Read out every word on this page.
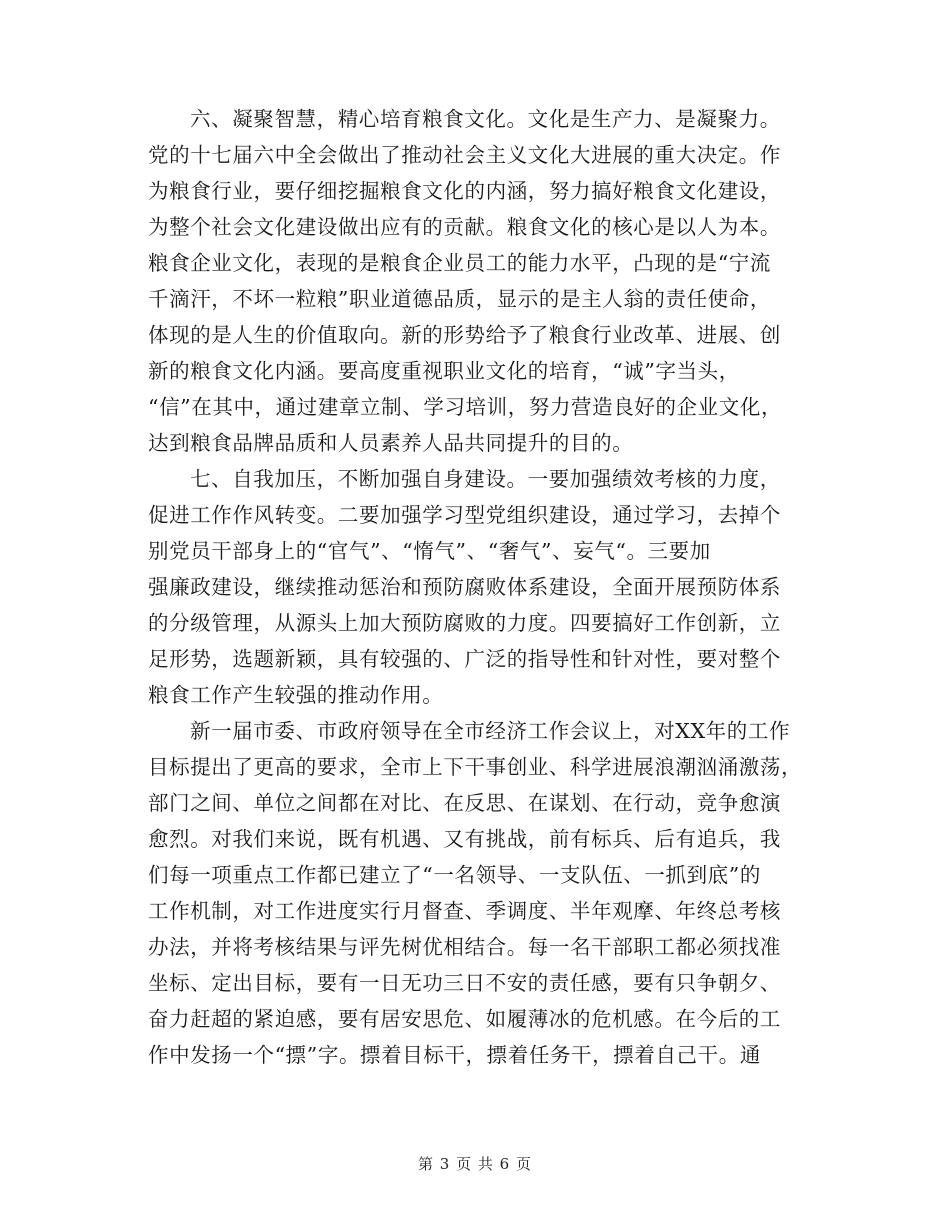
六、凝聚智慧，精心培育粮食文化。文化是生产力、是凝聚力。
党的十七届六中全会做出了推动社会主义文化大进展的重大决定。作
为粮食行业，要仔细挖掘粮食文化的内涵，努力搞好粮食文化建设，
为整个社会文化建设做出应有的贡献。粮食文化的核心是以人为本。
粮食企业文化，表现的是粮食企业员工的能力水平，凸现的是“宁流
千滴汗，不坏一粒粮”职业道德品质，显示的是主人翁的责任使命，
体现的是人生的价值取向。新的形势给予了粮食行业改革、进展、创
新的粮食文化内涵。要高度重视职业文化的培育，“诚”字当头，
“信”在其中，通过建章立制、学习培训，努力营造良好的企业文化，
达到粮食品牌品质和人员素养人品共同提升的目的。
七、自我加压，不断加强自身建设。一要加强绩效考核的力度，
促进工作作风转变。二要加强学习型党组织建设，通过学习，去掉个
别党员干部身上的“官气”、“惰气”、“奢气”、妄气“。三要加
强廉政建设，继续推动惩治和预防腐败体系建设，全面开展预防体系
的分级管理，从源头上加大预防腐败的力度。四要搞好工作创新，立
足形势，选题新颖，具有较强的、广泛的指导性和针对性，要对整个
粮食工作产生较强的推动作用。
新一届市委、市政府领导在全市经济工作会议上，对XX年的工作
目标提出了更高的要求，全市上下干事创业、科学进展浪潮汹涌激荡，
部门之间、单位之间都在对比、在反思、在谋划、在行动，竞争愈演
愈烈。对我们来说，既有机遇、又有挑战，前有标兵、后有追兵，我
们每一项重点工作都已建立了“一名领导、一支队伍、一抓到底”的
工作机制，对工作进度实行月督查、季调度、半年观摩、年终总考核
办法，并将考核结果与评先树优相结合。每一名干部职工都必须找准
坐标、定出目标，要有一日无功三日不安的责任感，要有只争朝夕、
奋力赶超的紧迫感，要有居安思危、如履薄冰的危机感。在今后的工
作中发扬一个“摽”字。摽着目标干，摽着任务干，摽着自己干。通
第 3 页 共 6 页
